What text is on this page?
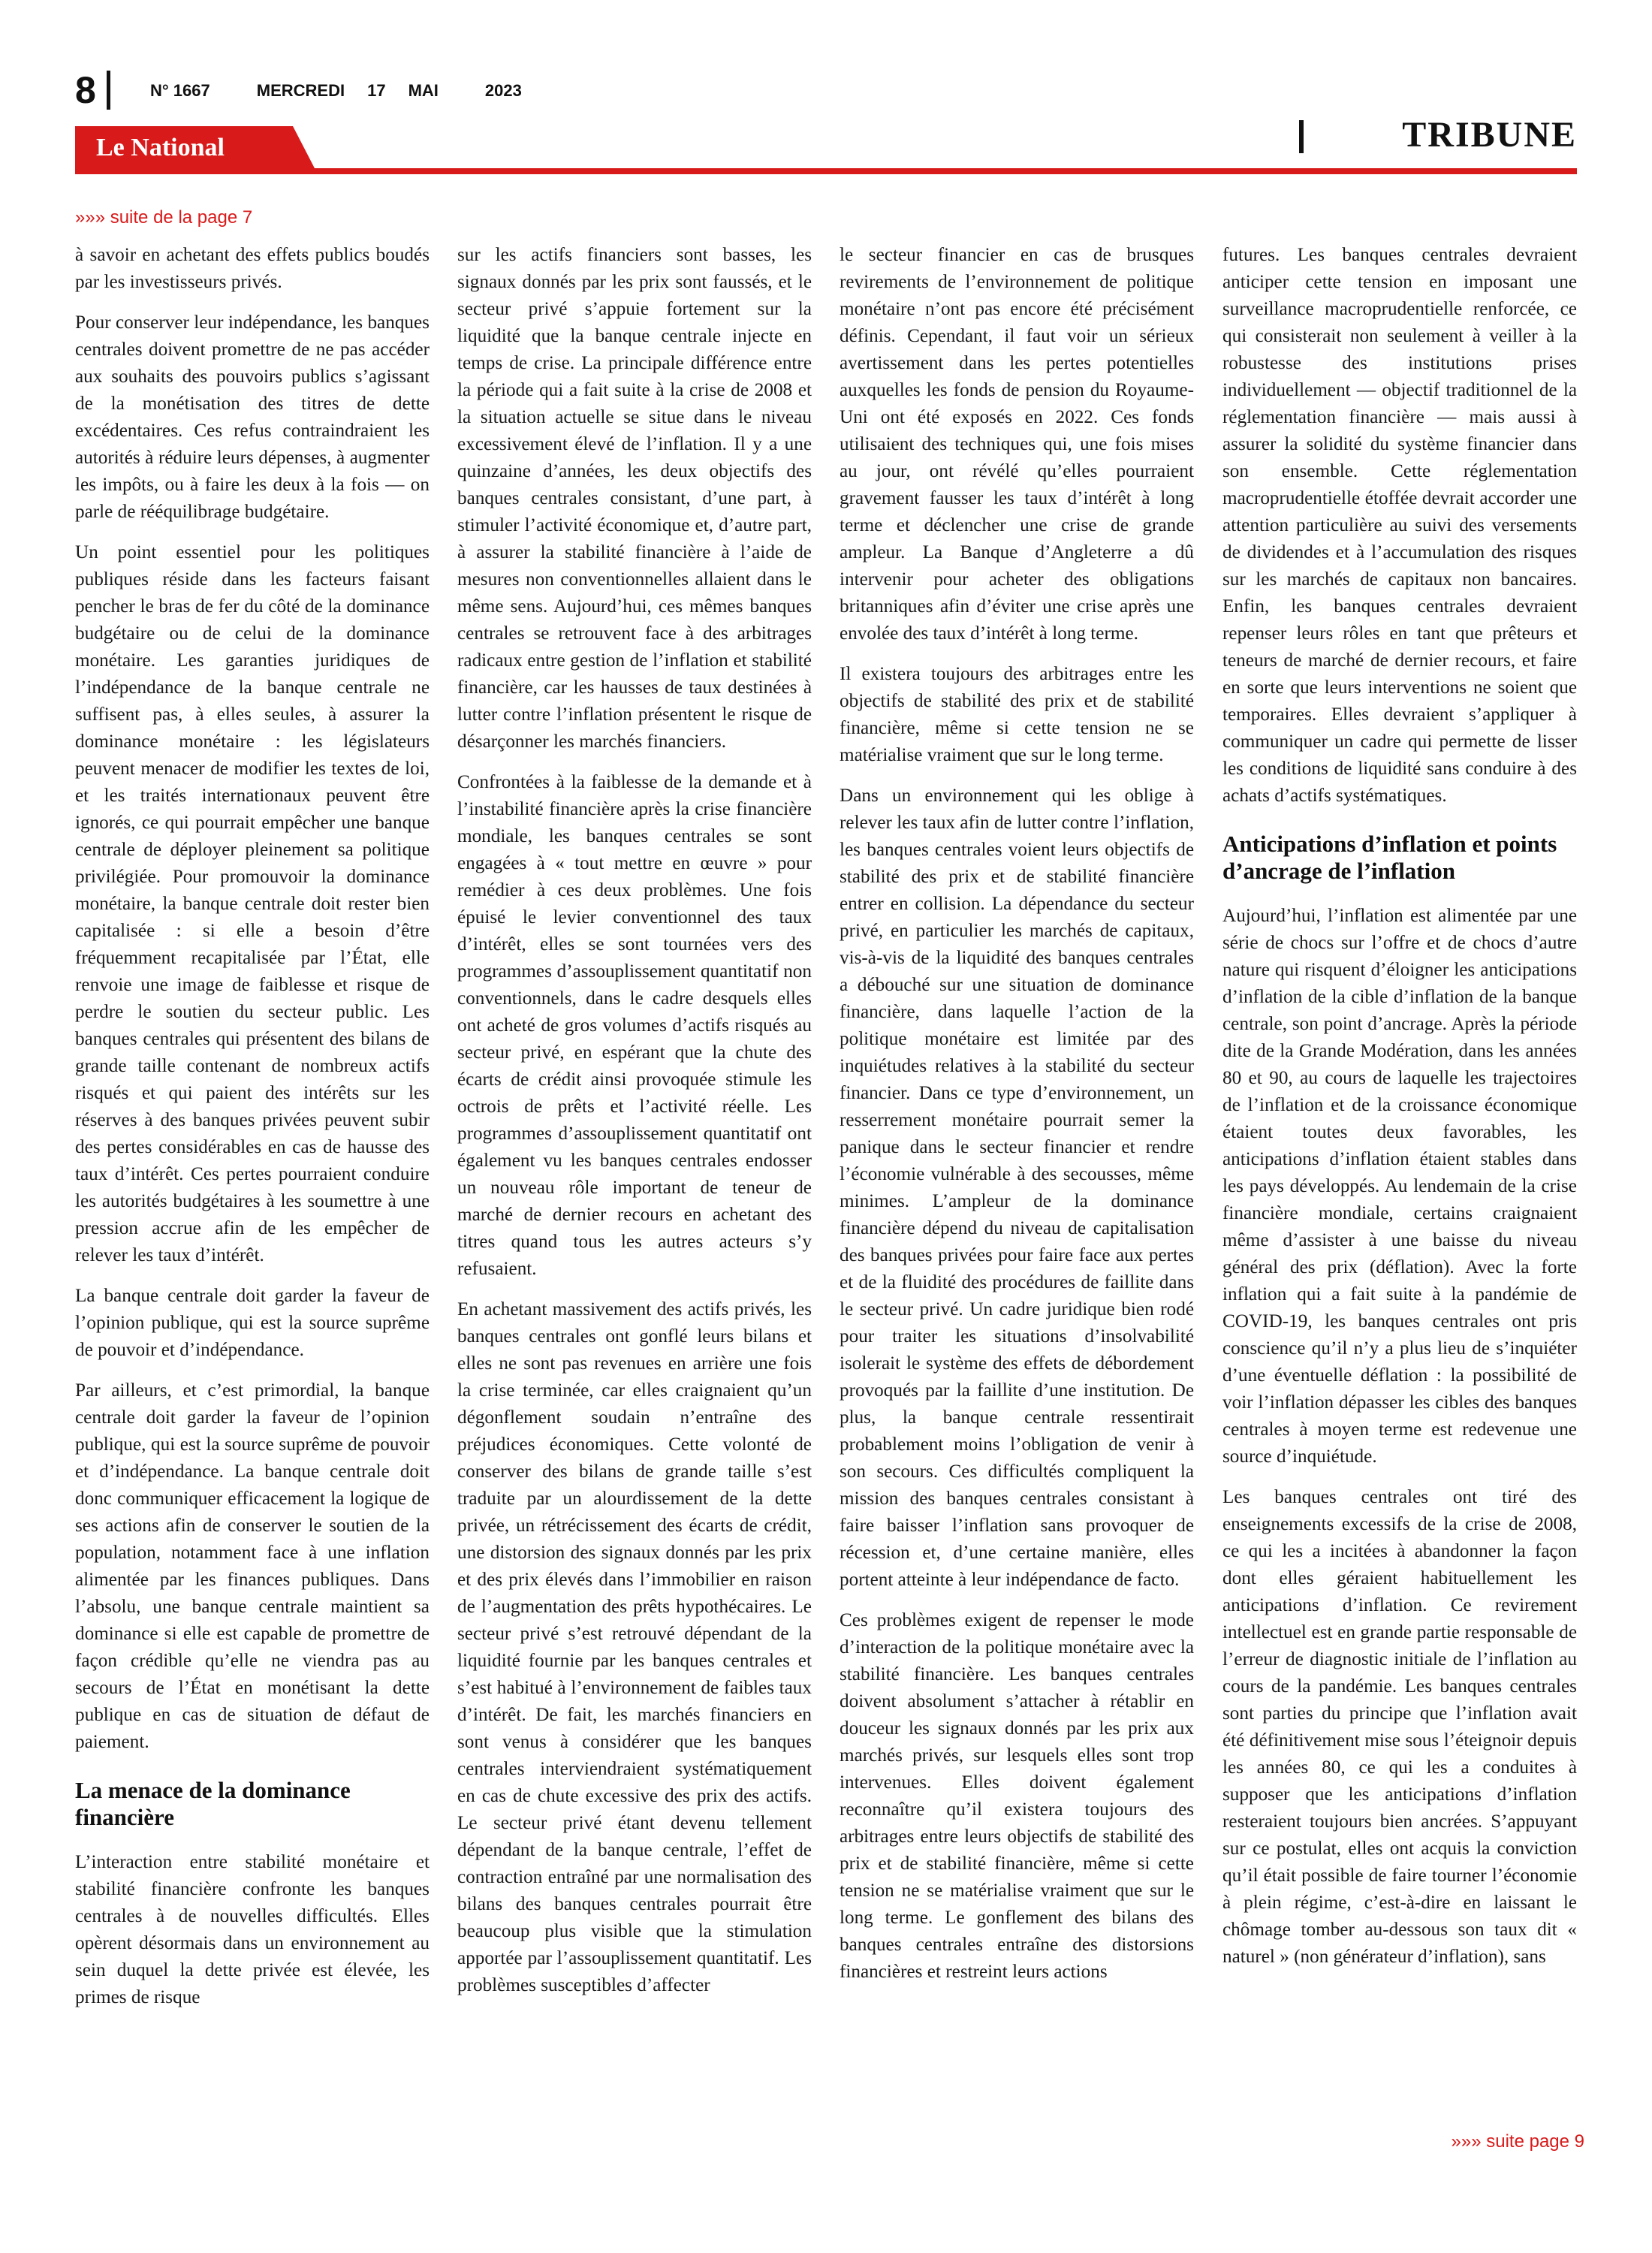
8	N° 1667	MERCREDI 17 MAI	2023
Le National	TRIBUNE
»»» suite de la page 7

à savoir en achetant des effets publics boudés par les investisseurs privés.

Pour conserver leur indépendance, les banques centrales doivent promettre de ne pas accéder aux souhaits des pouvoirs publics s’agissant de la monétisation des titres de dette excédentaires. Ces refus contraindraient les autorités à réduire leurs dépenses, à augmenter les impôts, ou à faire les deux à la fois — on parle de rééquilibrage budgétaire.

Un point essentiel pour les politiques publiques réside dans les facteurs faisant pencher le bras de fer du côté de la dominance budgétaire ou de celui de la dominance monétaire. Les garanties juridiques de l’indépendance de la banque centrale ne suffisent pas, à elles seules, à assurer la dominance monétaire : les législateurs peuvent menacer de modifier les textes de loi, et les traités internationaux peuvent être ignorés, ce qui pourrait empêcher une banque centrale de déployer pleinement sa politique privilégiée. Pour promouvoir la dominance monétaire, la banque centrale doit rester bien capitalisée : si elle a besoin d’être fréquemment recapitalisée par l’État, elle renvoie une image de faiblesse et risque de perdre le soutien du secteur public. Les banques centrales qui présentent des bilans de grande taille contenant de nombreux actifs risqués et qui paient des intérêts sur les réserves à des banques privées peuvent subir des pertes considérables en cas de hausse des taux d’intérêt. Ces pertes pourraient conduire les autorités budgétaires à les soumettre à une pression accrue afin de les empêcher de relever les taux d’intérêt.

La banque centrale doit garder la faveur de l’opinion publique, qui est la source suprême de pouvoir et d’indépendance.

Par ailleurs, et c’est primordial, la banque centrale doit garder la faveur de l’opinion publique, qui est la source suprême de pouvoir et d’indépendance. La banque centrale doit donc communiquer efficacement la logique de ses actions afin de conserver le soutien de la population, notamment face à une inflation alimentée par les finances publiques. Dans l’absolu, une banque centrale maintient sa dominance si elle est capable de promettre de façon crédible qu’elle ne viendra pas au secours de l’État en monétisant la dette publique en cas de situation de défaut de paiement.

La menace de la dominance financière

L’interaction entre stabilité monétaire et stabilité financière confronte les banques centrales à de nouvelles difficultés. Elles opèrent désormais dans un environnement au sein duquel la dette privée est élevée, les primes de risque

sur les actifs financiers sont basses, les signaux donnés par les prix sont faussés, et le secteur privé s’appuie fortement sur la liquidité que la banque centrale injecte en temps de crise. La principale différence entre la période qui a fait suite à la crise de 2008 et la situation actuelle se situe dans le niveau excessivement élevé de l’inflation. Il y a une quinzaine d’années, les deux objectifs des banques centrales consistant, d’une part, à stimuler l’activité économique et, d’autre part, à assurer la stabilité financière à l’aide de mesures non conventionnelles allaient dans le même sens. Aujourd’hui, ces mêmes banques centrales se retrouvent face à des arbitrages radicaux entre gestion de l’inflation et stabilité financière, car les hausses de taux destinées à lutter contre l’inflation présentent le risque de désarçonner les marchés financiers.

Confrontées à la faiblesse de la demande et à l’instabilité financière après la crise financière mondiale, les banques centrales se sont engagées à « tout mettre en œuvre » pour remédier à ces deux problèmes. Une fois épuisé le levier conventionnel des taux d’intérêt, elles se sont tournées vers des programmes d’assouplissement quantitatif non conventionnels, dans le cadre desquels elles ont acheté de gros volumes d’actifs risqués au secteur privé, en espérant que la chute des écarts de crédit ainsi provoquée stimule les octrois de prêts et l’activité réelle. Les programmes d’assouplissement quantitatif ont également vu les banques centrales endosser un nouveau rôle important de teneur de marché de dernier recours en achetant des titres quand tous les autres acteurs s’y refusaient.

En achetant massivement des actifs privés, les banques centrales ont gonflé leurs bilans et elles ne sont pas revenues en arrière une fois la crise terminée, car elles craignaient qu’un dégonflement soudain n’entraîne des préjudices économiques. Cette volonté de conserver des bilans de grande taille s’est traduite par un alourdissement de la dette privée, un rétrécissement des écarts de crédit, une distorsion des signaux donnés par les prix et des prix élevés dans l’immobilier en raison de l’augmentation des prêts hypothécaires. Le secteur privé s’est retrouvé dépendant de la liquidité fournie par les banques centrales et s’est habitué à l’environnement de faibles taux d’intérêt. De fait, les marchés financiers en sont venus à considérer que les banques centrales interviendraient systématiquement en cas de chute excessive des prix des actifs. Le secteur privé étant devenu tellement dépendant de la banque centrale, l’effet de contraction entraîné par une normalisation des bilans des banques centrales pourrait être beaucoup plus visible que la stimulation apportée par l’assouplissement quantitatif. Les problèmes susceptibles d’affecter

le secteur financier en cas de brusques revirements de l’environnement de politique monétaire n’ont pas encore été précisément définis. Cependant, il faut voir un sérieux avertissement dans les pertes potentielles auxquelles les fonds de pension du Royaume-Uni ont été exposés en 2022. Ces fonds utilisaient des techniques qui, une fois mises au jour, ont révélé qu’elles pourraient gravement fausser les taux d’intérêt à long terme et déclencher une crise de grande ampleur. La Banque d’Angleterre a dû intervenir pour acheter des obligations britanniques afin d’éviter une crise après une envolée des taux d’intérêt à long terme.

Il existera toujours des arbitrages entre les objectifs de stabilité des prix et de stabilité financière, même si cette tension ne se matérialise vraiment que sur le long terme.

Dans un environnement qui les oblige à relever les taux afin de lutter contre l’inflation, les banques centrales voient leurs objectifs de stabilité des prix et de stabilité financière entrer en collision. La dépendance du secteur privé, en particulier les marchés de capitaux, vis-à-vis de la liquidité des banques centrales a débouché sur une situation de dominance financière, dans laquelle l’action de la politique monétaire est limitée par des inquiétudes relatives à la stabilité du secteur financier. Dans ce type d’environnement, un resserrement monétaire pourrait semer la panique dans le secteur financier et rendre l’économie vulnérable à des secousses, même minimes. L’ampleur de la dominance financière dépend du niveau de capitalisation des banques privées pour faire face aux pertes et de la fluidité des procédures de faillite dans le secteur privé. Un cadre juridique bien rodé pour traiter les situations d’insolvabilité isolerait le système des effets de débordement provoqués par la faillite d’une institution. De plus, la banque centrale ressentirait probablement moins l’obligation de venir à son secours. Ces difficultés compliquent la mission des banques centrales consistant à faire baisser l’inflation sans provoquer de récession et, d’une certaine manière, elles portent atteinte à leur indépendance de facto.

Ces problèmes exigent de repenser le mode d’interaction de la politique monétaire avec la stabilité financière. Les banques centrales doivent absolument s’attacher à rétablir en douceur les signaux donnés par les prix aux marchés privés, sur lesquels elles sont trop intervenues. Elles doivent également reconnaître qu’il existera toujours des arbitrages entre leurs objectifs de stabilité des prix et de stabilité financière, même si cette tension ne se matérialise vraiment que sur le long terme. Le gonflement des bilans des banques centrales entraîne des distorsions financières et restreint leurs actions

futures. Les banques centrales devraient anticiper cette tension en imposant une surveillance macroprudentielle renforcée, ce qui consisterait non seulement à veiller à la robustesse des institutions prises individuellement — objectif traditionnel de la réglementation financière — mais aussi à assurer la solidité du système financier dans son ensemble. Cette réglementation macroprudentielle étoffée devrait accorder une attention particulière au suivi des versements de dividendes et à l’accumulation des risques sur les marchés de capitaux non bancaires. Enfin, les banques centrales devraient repenser leurs rôles en tant que prêteurs et teneurs de marché de dernier recours, et faire en sorte que leurs interventions ne soient que temporaires. Elles devraient s’appliquer à communiquer un cadre qui permette de lisser les conditions de liquidité sans conduire à des achats d’actifs systématiques.

Anticipations d’inflation et points d’ancrage de l’inflation

Aujourd’hui, l’inflation est alimentée par une série de chocs sur l’offre et de chocs d’autre nature qui risquent d’éloigner les anticipations d’inflation de la cible d’inflation de la banque centrale, son point d’ancrage. Après la période dite de la Grande Modération, dans les années 80 et 90, au cours de laquelle les trajectoires de l’inflation et de la croissance économique étaient toutes deux favorables, les anticipations d’inflation étaient stables dans les pays développés. Au lendemain de la crise financière mondiale, certains craignaient même d’assister à une baisse du niveau général des prix (déflation). Avec la forte inflation qui a fait suite à la pandémie de COVID-19, les banques centrales ont pris conscience qu’il n’y a plus lieu de s’inquiéter d’une éventuelle déflation : la possibilité de voir l’inflation dépasser les cibles des banques centrales à moyen terme est redevenue une source d’inquiétude.

Les banques centrales ont tiré des enseignements excessifs de la crise de 2008, ce qui les a incitées à abandonner la façon dont elles géraient habituellement les anticipations d’inflation. Ce revirement intellectuel est en grande partie responsable de l’erreur de diagnostic initiale de l’inflation au cours de la pandémie. Les banques centrales sont parties du principe que l’inflation avait été définitivement mise sous l’éteignoir depuis les années 80, ce qui les a conduites à supposer que les anticipations d’inflation resteraient toujours bien ancrées. S’appuyant sur ce postulat, elles ont acquis la conviction qu’il était possible de faire tourner l’économie à plein régime, c’est-à-dire en laissant le chômage tomber au-dessous son taux dit « naturel » (non générateur d’inflation), sans

»»» suite page 9
